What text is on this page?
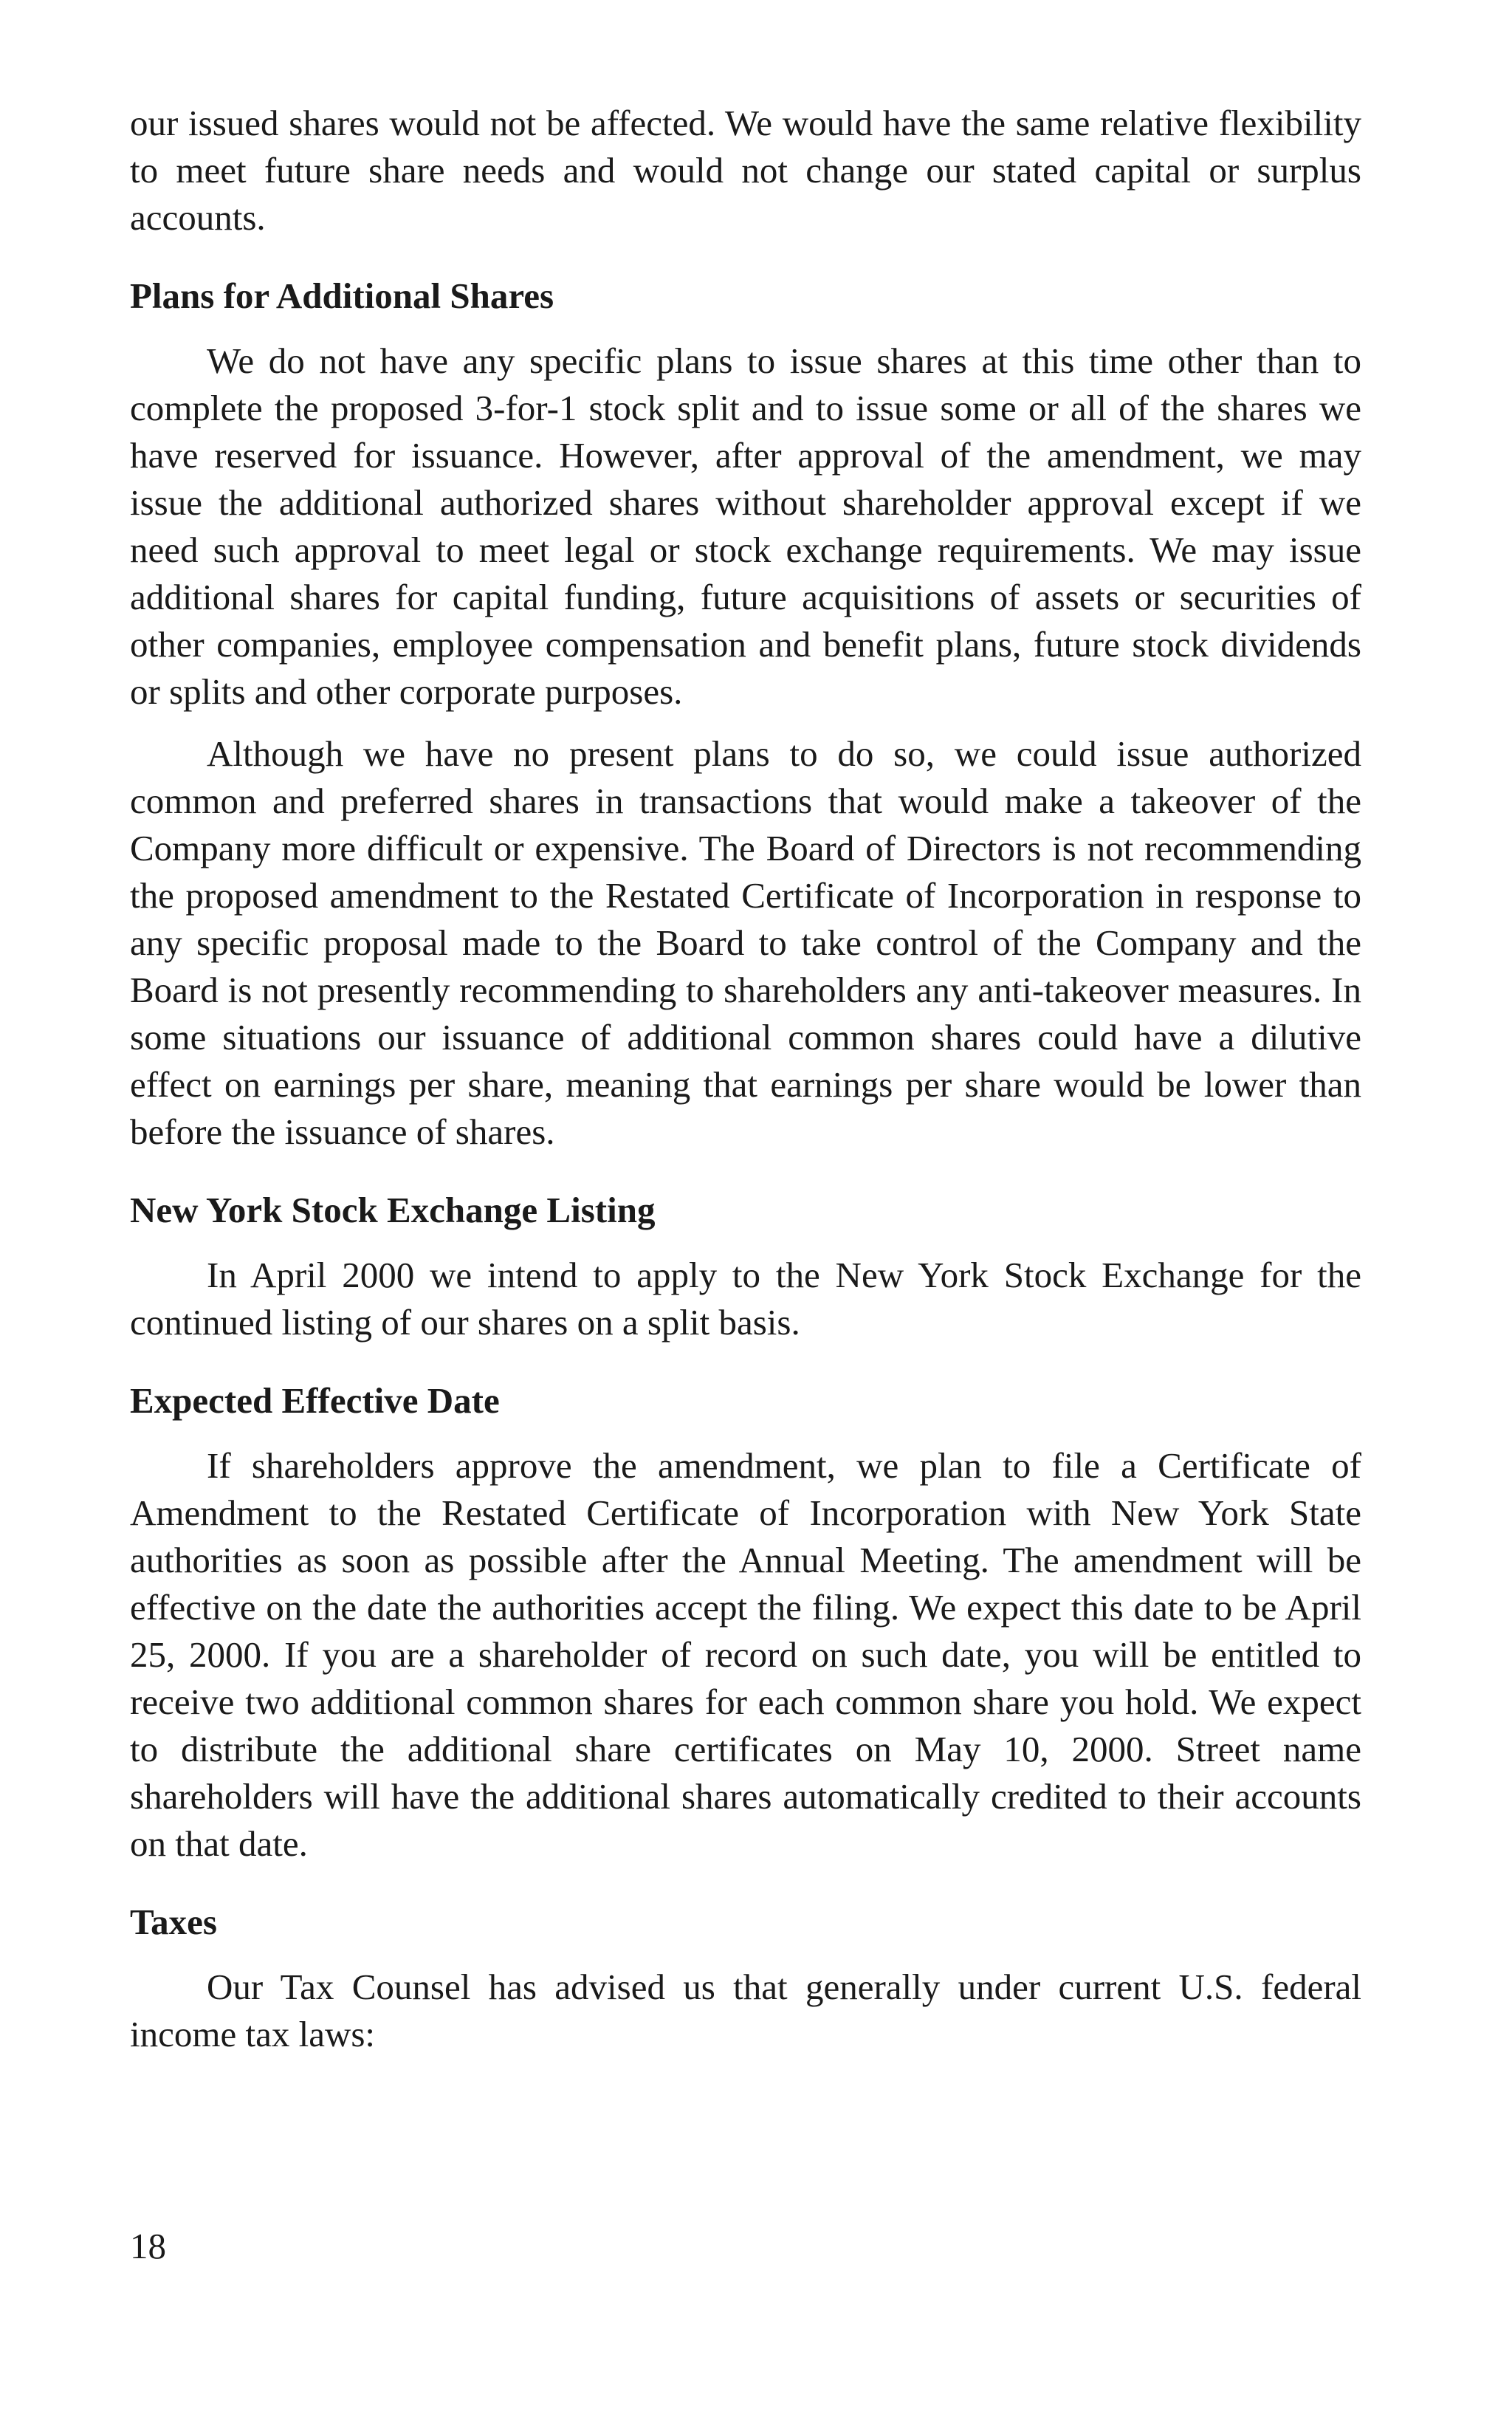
our issued shares would not be affected. We would have the same relative flexibility to meet future share needs and would not change our stated capital or surplus accounts.

Plans for Additional Shares

We do not have any specific plans to issue shares at this time other than to complete the proposed 3-for-1 stock split and to issue some or all of the shares we have reserved for issuance. However, after approval of the amendment, we may issue the additional authorized shares without shareholder approval except if we need such approval to meet legal or stock exchange requirements. We may issue additional shares for capital funding, future acquisitions of assets or securities of other companies, employee compensation and benefit plans, future stock dividends or splits and other corporate purposes.

Although we have no present plans to do so, we could issue authorized common and preferred shares in transactions that would make a takeover of the Company more difficult or expensive. The Board of Directors is not recommending the proposed amendment to the Restated Certificate of Incorporation in response to any specific proposal made to the Board to take control of the Company and the Board is not presently recommending to shareholders any anti-takeover measures. In some situations our issuance of additional common shares could have a dilutive effect on earnings per share, meaning that earnings per share would be lower than before the issuance of shares.

New York Stock Exchange Listing

In April 2000 we intend to apply to the New York Stock Exchange for the continued listing of our shares on a split basis.

Expected Effective Date

If shareholders approve the amendment, we plan to file a Certificate of Amendment to the Restated Certificate of Incorporation with New York State authorities as soon as possible after the Annual Meeting. The amendment will be effective on the date the authorities accept the filing. We expect this date to be April 25, 2000. If you are a shareholder of record on such date, you will be entitled to receive two additional common shares for each common share you hold. We expect to distribute the additional share certificates on May 10, 2000. Street name shareholders will have the additional shares automatically credited to their accounts on that date.

Taxes

Our Tax Counsel has advised us that generally under current U.S. federal income tax laws:

18
